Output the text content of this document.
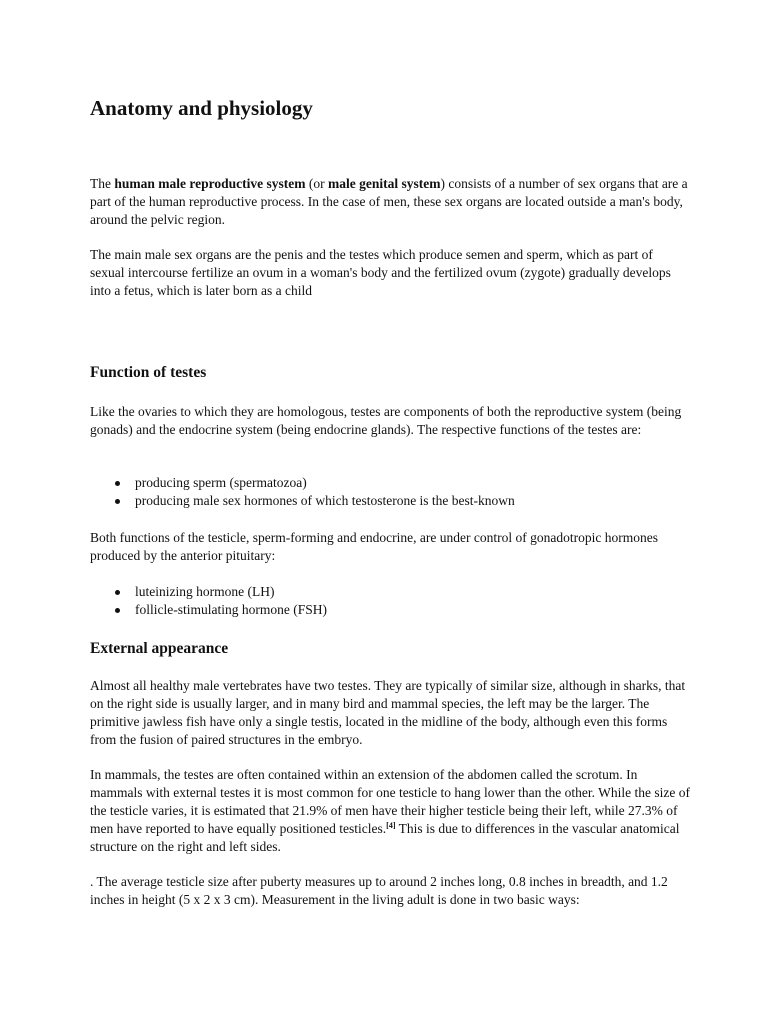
Anatomy and physiology

The human male reproductive system (or male genital system) consists of a number of sex organs that are a part of the human reproductive process. In the case of men, these sex organs are located outside a man's body, around the pelvic region.

The main male sex organs are the penis and the testes which produce semen and sperm, which as part of sexual intercourse fertilize an ovum in a woman's body and the fertilized ovum (zygote) gradually develops into a fetus, which is later born as a child

Function of testes

Like the ovaries to which they are homologous, testes are components of both the reproductive system (being gonads) and the endocrine system (being endocrine glands). The respective functions of the testes are:

producing sperm (spermatozoa)
producing male sex hormones of which testosterone is the best-known

Both functions of the testicle, sperm-forming and endocrine, are under control of gonadotropic hormones produced by the anterior pituitary:

luteinizing hormone (LH)
follicle-stimulating hormone (FSH)
External appearance

Almost all healthy male vertebrates have two testes. They are typically of similar size, although in sharks, that on the right side is usually larger, and in many bird and mammal species, the left may be the larger. The primitive jawless fish have only a single testis, located in the midline of the body, although even this forms from the fusion of paired structures in the embryo.

In mammals, the testes are often contained within an extension of the abdomen called the scrotum. In mammals with external testes it is most common for one testicle to hang lower than the other. While the size of the testicle varies, it is estimated that 21.9% of men have their higher testicle being their left, while 27.3% of men have reported to have equally positioned testicles.[4] This is due to differences in the vascular anatomical structure on the right and left sides.

. The average testicle size after puberty measures up to around 2 inches long, 0.8 inches in breadth, and 1.2 inches in height (5 x 2 x 3 cm). Measurement in the living adult is done in two basic ways:
